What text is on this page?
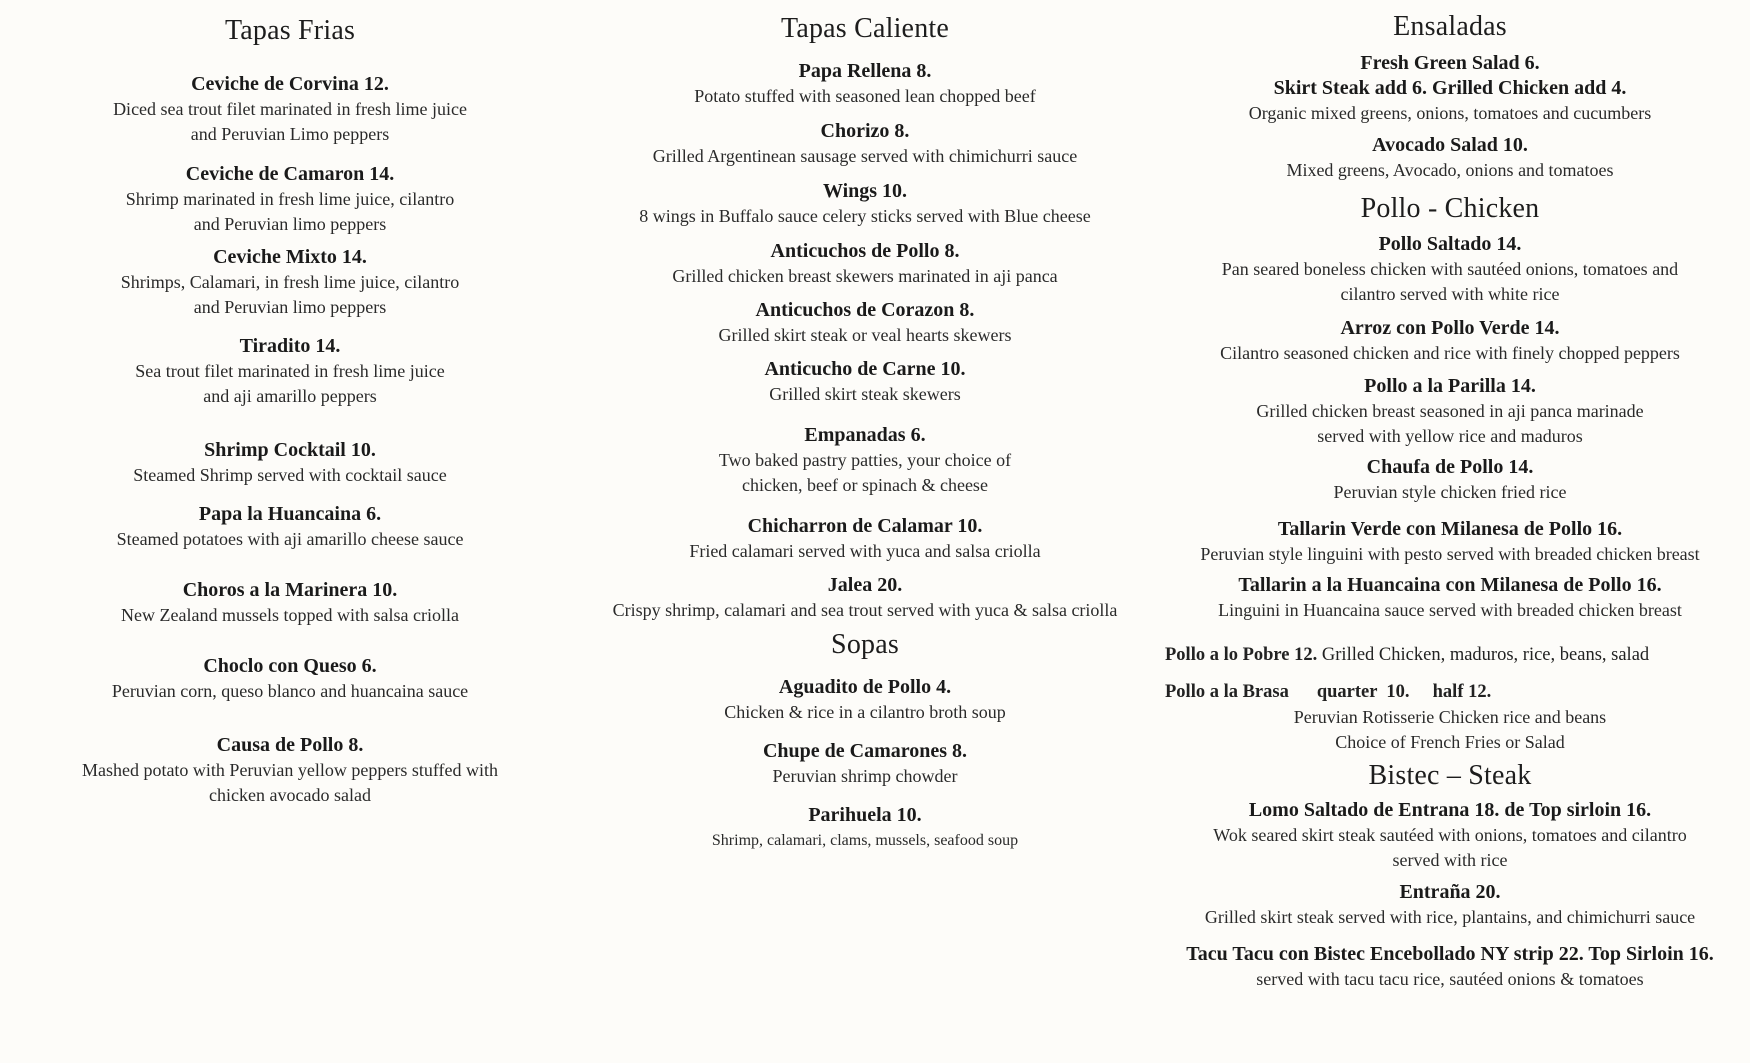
Tapas Frias
Ceviche de Corvina 12.
Diced sea trout filet marinated in fresh lime juice
and Peruvian Limo peppers
Ceviche de Camaron 14.
Shrimp marinated in fresh lime juice, cilantro
and Peruvian limo peppers
Ceviche Mixto 14.
Shrimps, Calamari, in fresh lime juice, cilantro
and Peruvian limo peppers
Tiradito 14.
Sea trout filet marinated in fresh lime juice
and aji amarillo peppers
Shrimp Cocktail 10.
Steamed Shrimp served with cocktail sauce
Papa la Huancaina 6.
Steamed potatoes with aji amarillo cheese sauce
Choros a la Marinera 10.
New Zealand mussels topped with salsa criolla
Choclo con Queso 6.
Peruvian corn, queso blanco and huancaina sauce
Causa de Pollo 8.
Mashed potato with Peruvian yellow peppers stuffed with
chicken avocado salad
Tapas Caliente
Papa Rellena 8.
Potato stuffed with seasoned lean chopped beef
Chorizo 8.
Grilled Argentinean sausage served with chimichurri sauce
Wings 10.
8 wings in Buffalo sauce celery sticks served with Blue cheese
Anticuchos de Pollo 8.
Grilled chicken breast skewers marinated in aji panca
Anticuchos de Corazon 8.
Grilled skirt steak or veal hearts skewers
Anticucho de Carne 10.
Grilled skirt steak skewers
Empanadas 6.
Two baked pastry patties, your choice of
chicken, beef or spinach & cheese
Chicharron de Calamar 10.
Fried calamari served with yuca and salsa criolla
Jalea 20.
Crispy shrimp, calamari and sea trout served with yuca & salsa criolla
Sopas
Aguadito de Pollo 4.
Chicken & rice in a cilantro broth soup
Chupe de Camarones 8.
Peruvian shrimp chowder
Parihuela 10.
Shrimp, calamari, clams, mussels, seafood soup
Ensaladas
Fresh Green Salad 6.
Skirt Steak add 6. Grilled Chicken add 4.
Organic mixed greens, onions, tomatoes and cucumbers
Avocado Salad 10.
Mixed greens, Avocado, onions and tomatoes
Pollo - Chicken
Pollo Saltado 14.
Pan seared boneless chicken with sautéed onions, tomatoes and
cilantro served with white rice
Arroz con Pollo Verde 14.
Cilantro seasoned chicken and rice with finely chopped peppers
Pollo a la Parilla 14.
Grilled chicken breast seasoned in aji panca marinade
served with yellow rice and maduros
Chaufa de Pollo 14.
Peruvian style chicken fried rice
Tallarin Verde con Milanesa de Pollo 16.
Peruvian style linguini with pesto served with breaded chicken breast
Tallarin a la Huancaina con Milanesa de Pollo 16.
Linguini in Huancaina sauce served with breaded chicken breast
Pollo a lo Pobre 12. Grilled Chicken, maduros, rice, beans, salad
Pollo a la Brasa quarter  10.     half 12.
Peruvian Rotisserie Chicken rice and beans
Choice of French Fries or Salad
Bistec – Steak
Lomo Saltado de Entrana 18. de Top sirloin 16.
Wok seared skirt steak sautéed with onions, tomatoes and cilantro
served with rice
Entraña 20.
Grilled skirt steak served with rice, plantains, and chimichurri sauce
Tacu Tacu con Bistec Encebollado NY strip 22. Top Sirloin 16.
served with tacu tacu rice, sautéed onions & tomatoes
